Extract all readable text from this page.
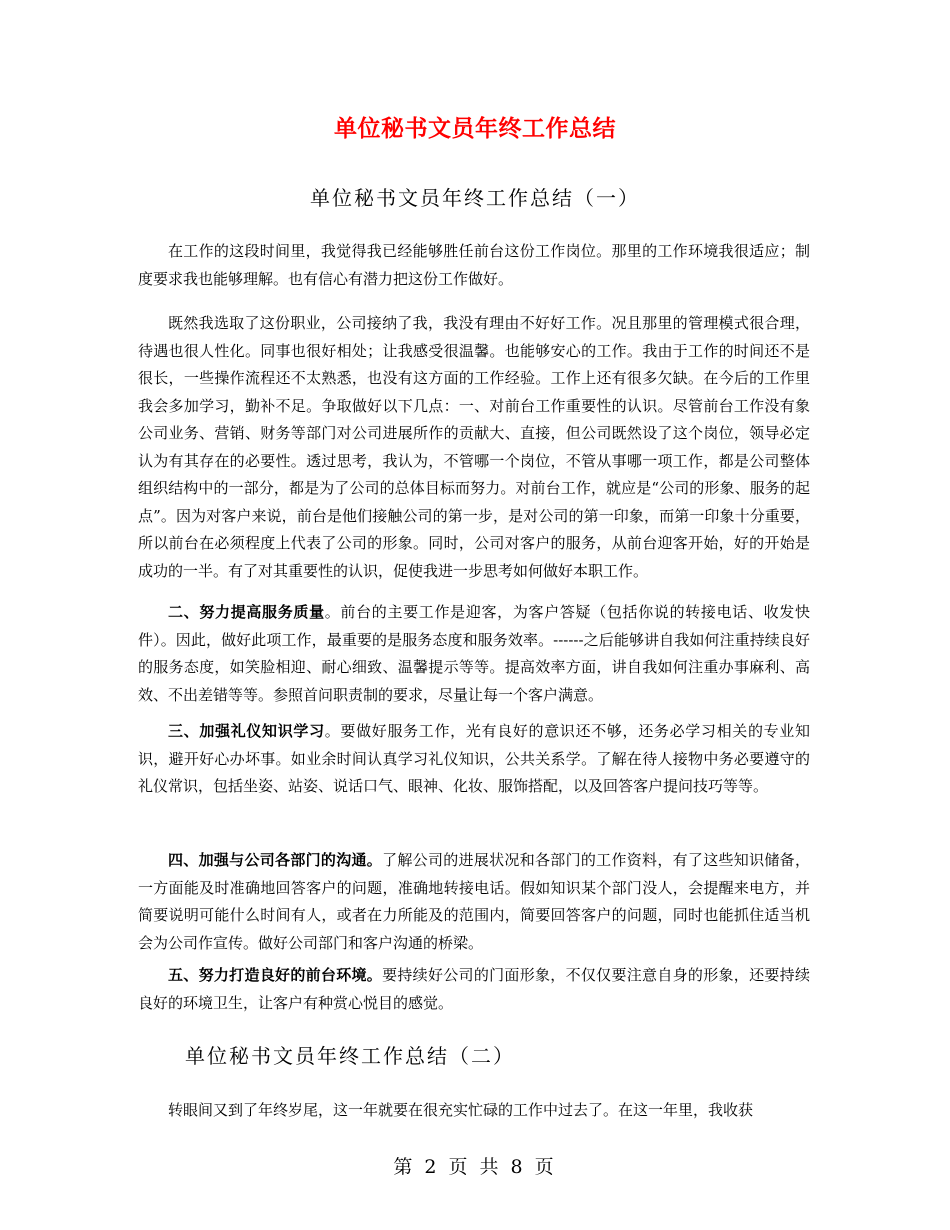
单位秘书文员年终工作总结
单位秘书文员年终工作总结（一）

在工作的这段时间里，我觉得我已经能够胜任前台这份工作岗位。那里的工作环境我很适应；制度要求我也能够理解。也有信心有潜力把这份工作做好。

既然我选取了这份职业，公司接纳了我，我没有理由不好好工作。况且那里的管理模式很合理，待遇也很人性化。同事也很好相处；让我感受很温馨。也能够安心的工作。我由于工作的时间还不是很长，一些操作流程还不太熟悉，也没有这方面的工作经验。工作上还有很多欠缺。在今后的工作里我会多加学习，勤补不足。争取做好以下几点：一、对前台工作重要性的认识。尽管前台工作没有象公司业务、营销、财务等部门对公司进展所作的贡献大、直接，但公司既然设了这个岗位，领导必定认为有其存在的必要性。透过思考，我认为，不管哪一个岗位，不管从事哪一项工作，都是公司整体组织结构中的一部分，都是为了公司的总体目标而努力。对前台工作，就应是“公司的形象、服务的起点”。因为对客户来说，前台是他们接触公司的第一步，是对公司的第一印象，而第一印象十分重要，所以前台在必须程度上代表了公司的形象。同时，公司对客户的服务，从前台迎客开始，好的开始是成功的一半。有了对其重要性的认识，促使我进一步思考如何做好本职工作。

二、努力提高服务质量。前台的主要工作是迎客，为客户答疑（包括你说的转接电话、收发快件）。因此，做好此项工作，最重要的是服务态度和服务效率。------之后能够讲自我如何注重持续良好的服务态度，如笑脸相迎、耐心细致、温馨提示等等。提高效率方面，讲自我如何注重办事麻利、高效、不出差错等等。参照首问职责制的要求，尽量让每一个客户满意。

三、加强礼仪知识学习。要做好服务工作，光有良好的意识还不够，还务必学习相关的专业知识，避开好心办坏事。如业余时间认真学习礼仪知识，公共关系学。了解在待人接物中务必要遵守的礼仪常识，包括坐姿、站姿、说话口气、眼神、化妆、服饰搭配，以及回答客户提问技巧等等。

四、加强与公司各部门的沟通。了解公司的进展状况和各部门的工作资料，有了这些知识储备，一方面能及时准确地回答客户的问题，准确地转接电话。假如知识某个部门没人，会提醒来电方，并简要说明可能什么时间有人，或者在力所能及的范围内，简要回答客户的问题，同时也能抓住适当机会为公司作宣传。做好公司部门和客户沟通的桥梁。

五、努力打造良好的前台环境。要持续好公司的门面形象，不仅仅要注意自身的形象，还要持续良好的环境卫生，让客户有种赏心悦目的感觉。

单位秘书文员年终工作总结（二）

转眼间又到了年终岁尾，这一年就要在很充实忙碌的工作中过去了。在这一年里，我收获

第 2 页 共 8 页
